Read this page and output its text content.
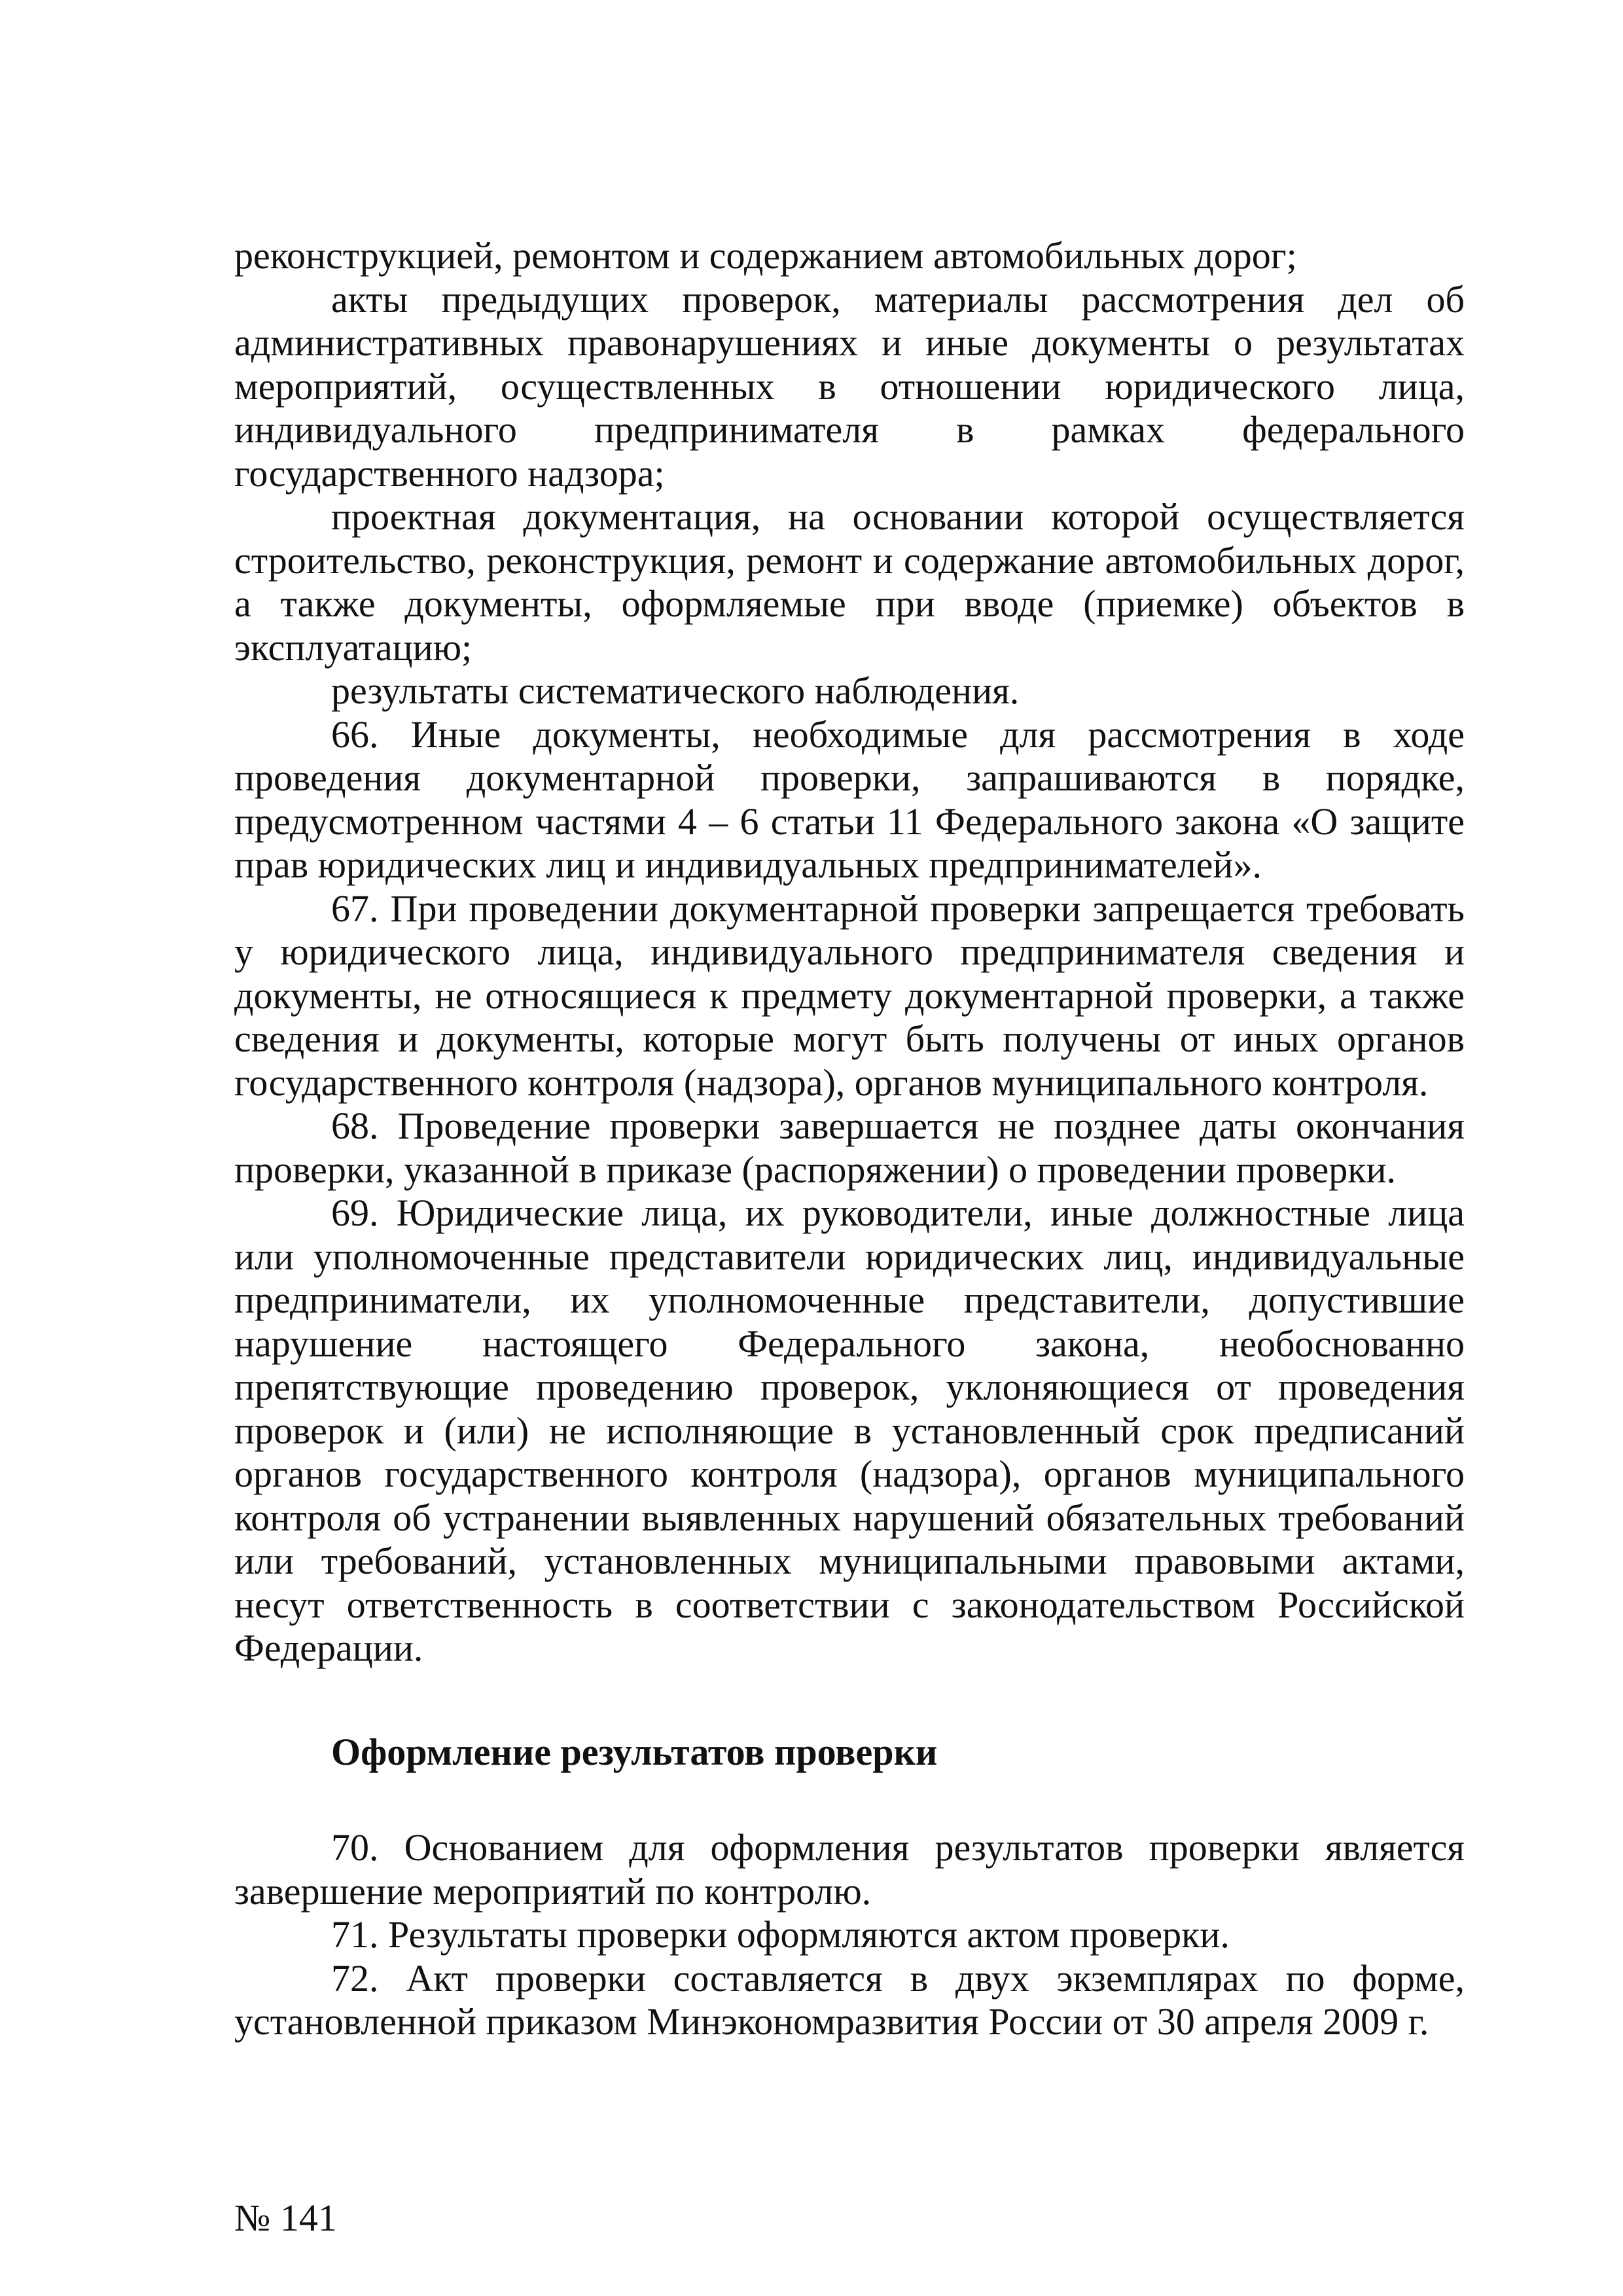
реконструкцией, ремонтом и содержанием автомобильных дорог;

акты предыдущих проверок, материалы рассмотрения дел об административных правонарушениях и иные документы о результатах мероприятий, осуществленных в отношении юридического лица, индивидуального предпринимателя в рамках федерального государственного надзора;

проектная документация, на основании которой осуществляется строительство, реконструкция, ремонт и содержание автомобильных дорог, а также документы, оформляемые при вводе (приемке) объектов в эксплуатацию;

результаты систематического наблюдения.

66. Иные документы, необходимые для рассмотрения в ходе проведения документарной проверки, запрашиваются в порядке, предусмотренном частями 4 – 6 статьи 11 Федерального закона «О защите прав юридических лиц и индивидуальных предпринимателей».

67. При проведении документарной проверки запрещается требовать у юридического лица, индивидуального предпринимателя сведения и документы, не относящиеся к предмету документарной проверки, а также сведения и документы, которые могут быть получены от иных органов государственного контроля (надзора), органов муниципального контроля.

68. Проведение проверки завершается не позднее даты окончания проверки, указанной в приказе (распоряжении) о проведении проверки.

69. Юридические лица, их руководители, иные должностные лица или уполномоченные представители юридических лиц, индивидуальные предприниматели, их уполномоченные представители, допустившие нарушение настоящего Федерального закона, необоснованно препятствующие проведению проверок, уклоняющиеся от проведения проверок и (или) не исполняющие в установленный срок предписаний органов государственного контроля (надзора), органов муниципального контроля об устранении выявленных нарушений обязательных требований или требований, установленных муниципальными правовыми актами, несут ответственность в соответствии с законодательством Российской Федерации.

Оформление результатов проверки

70. Основанием для оформления результатов проверки является завершение мероприятий по контролю.

71. Результаты проверки оформляются актом проверки.

72. Акт проверки составляется в двух экземплярах по форме, установленной приказом Минэкономразвития России от 30 апреля 2009 г.

№ 141
